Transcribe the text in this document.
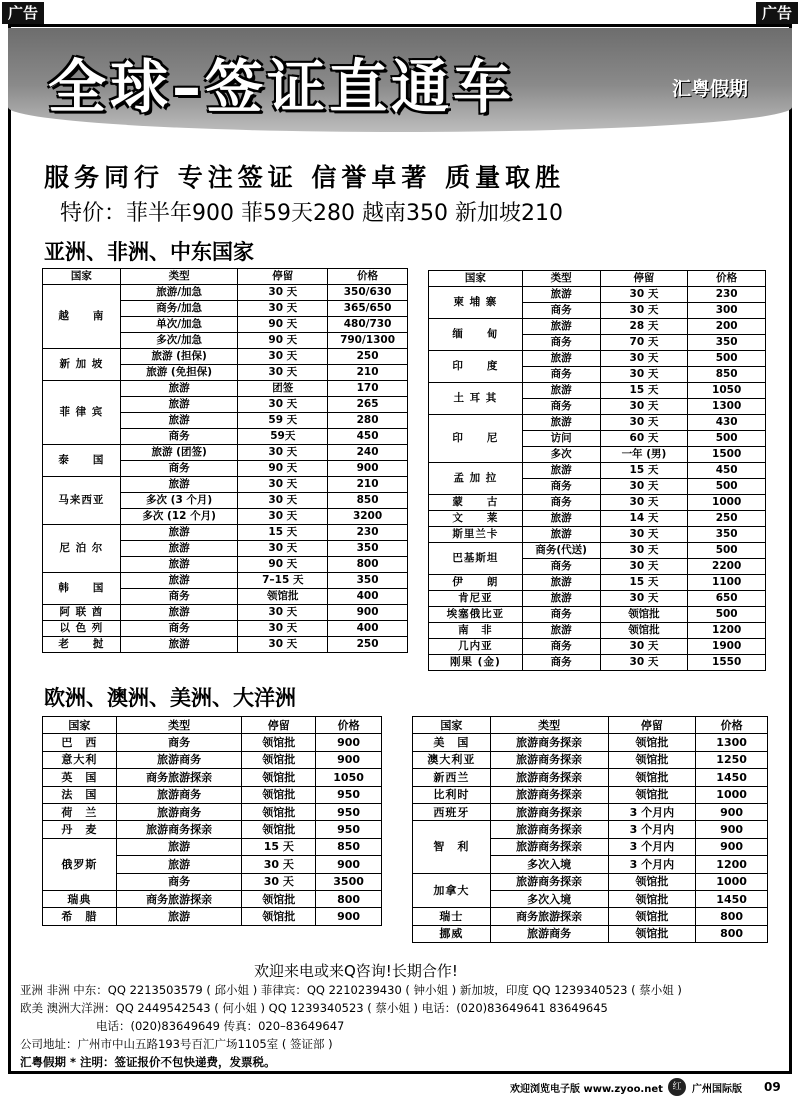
广告	广告
全球–签证直通车	汇粤假期
服务同行 专注签证 信誉卓著 质量取胜
特价：菲半年900 菲59天280 越南350 新加坡210
亚洲、非洲、中东国家
欧洲、澳洲、美洲、大洋洲
国家	类型	停留	价格
越　　南	旅游/加急	30 天	350/630
	商务/加急	30 天	365/650
	单次/加急	90 天	480/730
	多次/加急	90 天	790/1300
新 加 坡	旅游 (担保)	30 天	250
	旅游 (免担保)	30 天	210
菲 律 宾	旅游	团签	170
	旅游	30 天	265
	旅游	59 天	280
	商务	59天	450
泰　　国	旅游 (团签)	30 天	240
	商务	90 天	900
马来西亚	旅游	30 天	210
	多次 (3 个月)	30 天	850
	多次 (12 个月)	30 天	3200
尼 泊 尔	旅游	15 天	230
	旅游	30 天	350
	旅游	90 天	800
韩　　国	旅游	7–15 天	350
	商务	领馆批	400
阿 联 酋	旅游	30 天	900
以 色 列	商务	30 天	400
老　　挝	旅游	30 天	250
国家	类型	停留	价格
柬 埔 寨	旅游	30 天	230
	商务	30 天	300
缅　　甸	旅游	28 天	200
	商务	70 天	350
印　　度	旅游	30 天	500
	商务	30 天	850
土 耳 其	旅游	15 天	1050
	商务	30 天	1300
印　　尼	旅游	30 天	430
	访问	60 天	500
	多次	一年 (男)	1500
孟 加 拉	旅游	15 天	450
	商务	30 天	500
蒙　　古	商务	30 天	1000
文　　莱	旅游	14 天	250
斯里兰卡	旅游	30 天	350
巴基斯坦	商务(代送)	30 天	500
	商务	30 天	2200
伊　　朗	旅游	15 天	1100
肯尼亚	旅游	30 天	650
埃塞俄比亚	商务	领馆批	500
南　非	旅游	领馆批	1200
几内亚	商务	30 天	1900
刚果 (金)	商务	30 天	1550
国家	类型	停留	价格
巴　西	商务	领馆批	900
意大利	旅游商务	领馆批	900
英　国	商务旅游探亲	领馆批	1050
法　国	旅游商务	领馆批	950
荷　兰	旅游商务	领馆批	950
丹　麦	旅游商务探亲	领馆批	950
俄罗斯	旅游	15 天	850
	旅游	30 天	900
	商务	30 天	3500
瑞典	商务旅游探亲	领馆批	800
希　腊	旅游	领馆批	900
国家	类型	停留	价格
美　国	旅游商务探亲	领馆批	1300
澳大利亚	旅游商务探亲	领馆批	1250
新西兰	旅游商务探亲	领馆批	1450
比利时	旅游商务探亲	领馆批	1000
西班牙	旅游商务探亲	3 个月内	900
智　利	旅游商务探亲	3 个月内	900
	旅游商务探亲	3 个月内	900
	多次入境	3 个月内	1200
加拿大	旅游商务探亲	领馆批	1000
	多次入境	领馆批	1450
瑞士	商务旅游探亲	领馆批	800
挪威	旅游商务	领馆批	800
欢迎来电或来Q咨询!长期合作!
亚洲 非洲 中东：QQ 2213503579 ( 邱小姐 ) 菲律宾：QQ 2210239430 ( 钟小姐 ) 新加坡，印度 QQ 1239340523 ( 蔡小姐 )
欧美 澳洲大洋洲：QQ 2449542543 ( 何小姐 ) QQ 1239340523 ( 蔡小姐 ) 电话：(020)83649641 83649645
电话：(020)83649649 传真：020–83649647
公司地址：广州市中山五路193号百汇广场1105室 ( 签证部 )
汇粤假期 * 注明：签证报价不包快递费，发票税。
欢迎浏览电子版 www.zyoo.net	红	广州国际版 09
